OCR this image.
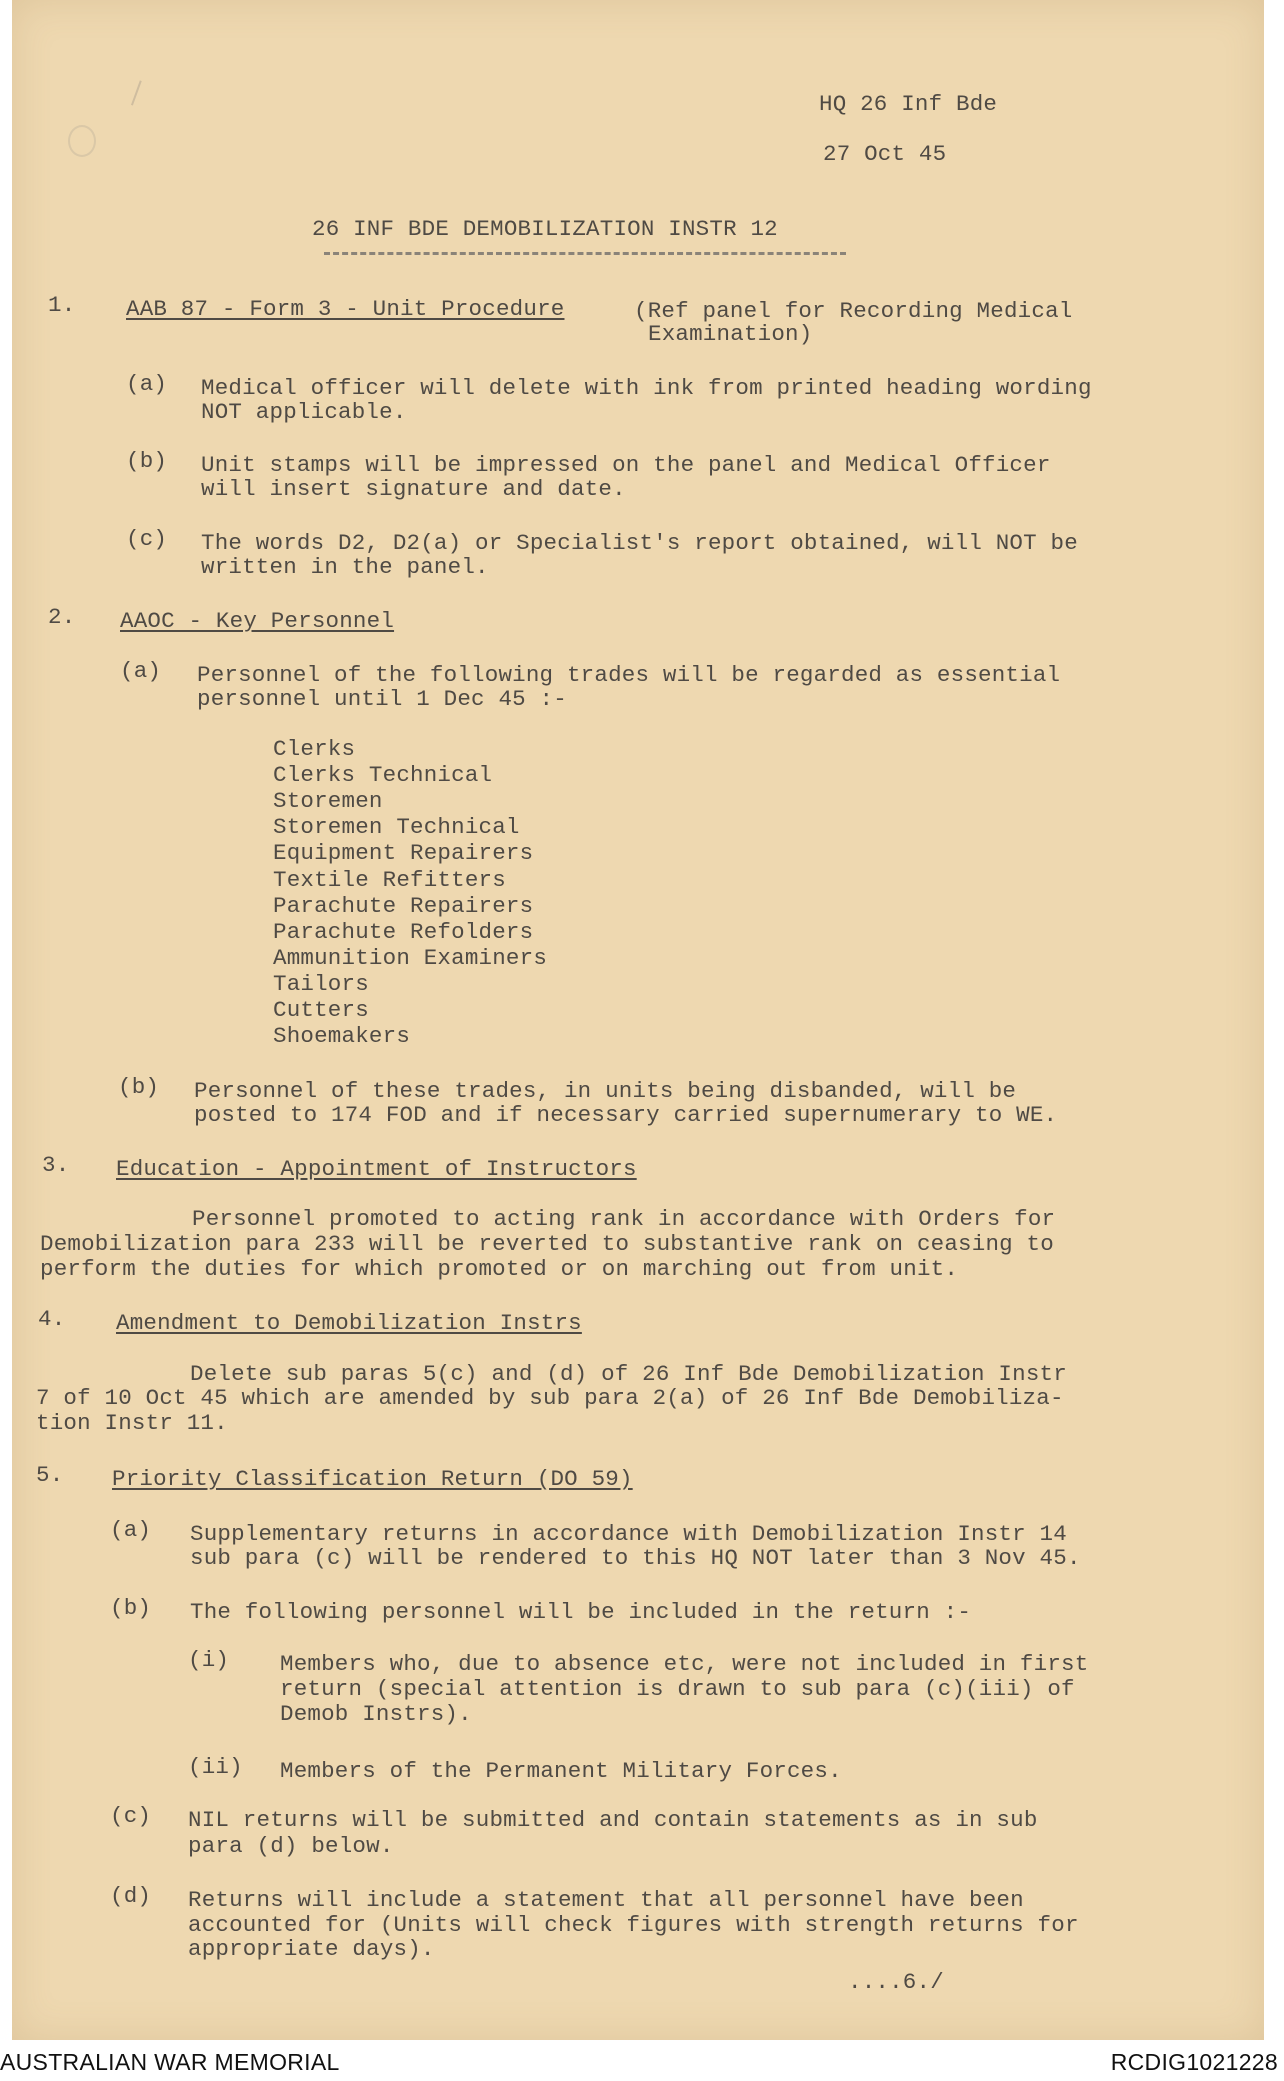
HQ 26 Inf Bde
27 Oct 45
26 INF BDE DEMOBILIZATION INSTR 12
1. AAB 87 - Form 3 - Unit Procedure	(Ref panel for Recording Medical
Examination)
(a) Medical officer will delete with ink from printed heading wording
NOT applicable.
(b) Unit stamps will be impressed on the panel and Medical Officer
will insert signature and date.
(c) The words D2, D2(a) or Specialist's report obtained, will NOT be
written in the panel.
2. AAOC - Key Personnel
(a) Personnel of the following trades will be regarded as essential
personnel until 1 Dec 45 :-
Clerks
Clerks Technical
Storemen
Storemen Technical
Equipment Repairers
Textile Refitters
Parachute Repairers
Parachute Refolders
Ammunition Examiners
Tailors
Cutters
Shoemakers
(b) Personnel of these trades, in units being disbanded, will be
posted to 174 FOD and if necessary carried supernumerary to WE.
3. Education - Appointment of Instructors
Personnel promoted to acting rank in accordance with Orders for
Demobilization para 233 will be reverted to substantive rank on ceasing to
perform the duties for which promoted or on marching out from unit.
4. Amendment to Demobilization Instrs
Delete sub paras 5(c) and (d) of 26 Inf Bde Demobilization Instr
7 of 10 Oct 45 which are amended by sub para 2(a) of 26 Inf Bde Demobiliza-
tion Instr 11.
5. Priority Classification Return (DO 59)
(a) Supplementary returns in accordance with Demobilization Instr 14
sub para (c) will be rendered to this HQ NOT later than 3 Nov 45.
(b) The following personnel will be included in the return :-
(i) Members who, due to absence etc, were not included in first
return (special attention is drawn to sub para (c)(iii) of
Demob Instrs).
(ii) Members of the Permanent Military Forces.
(c) NIL returns will be submitted and contain statements as in sub
para (d) below.
(d) Returns will include a statement that all personnel have been
accounted for (Units will check figures with strength returns for
appropriate days).
....6./
AUSTRALIAN WAR MEMORIAL	RCDIG1021228
